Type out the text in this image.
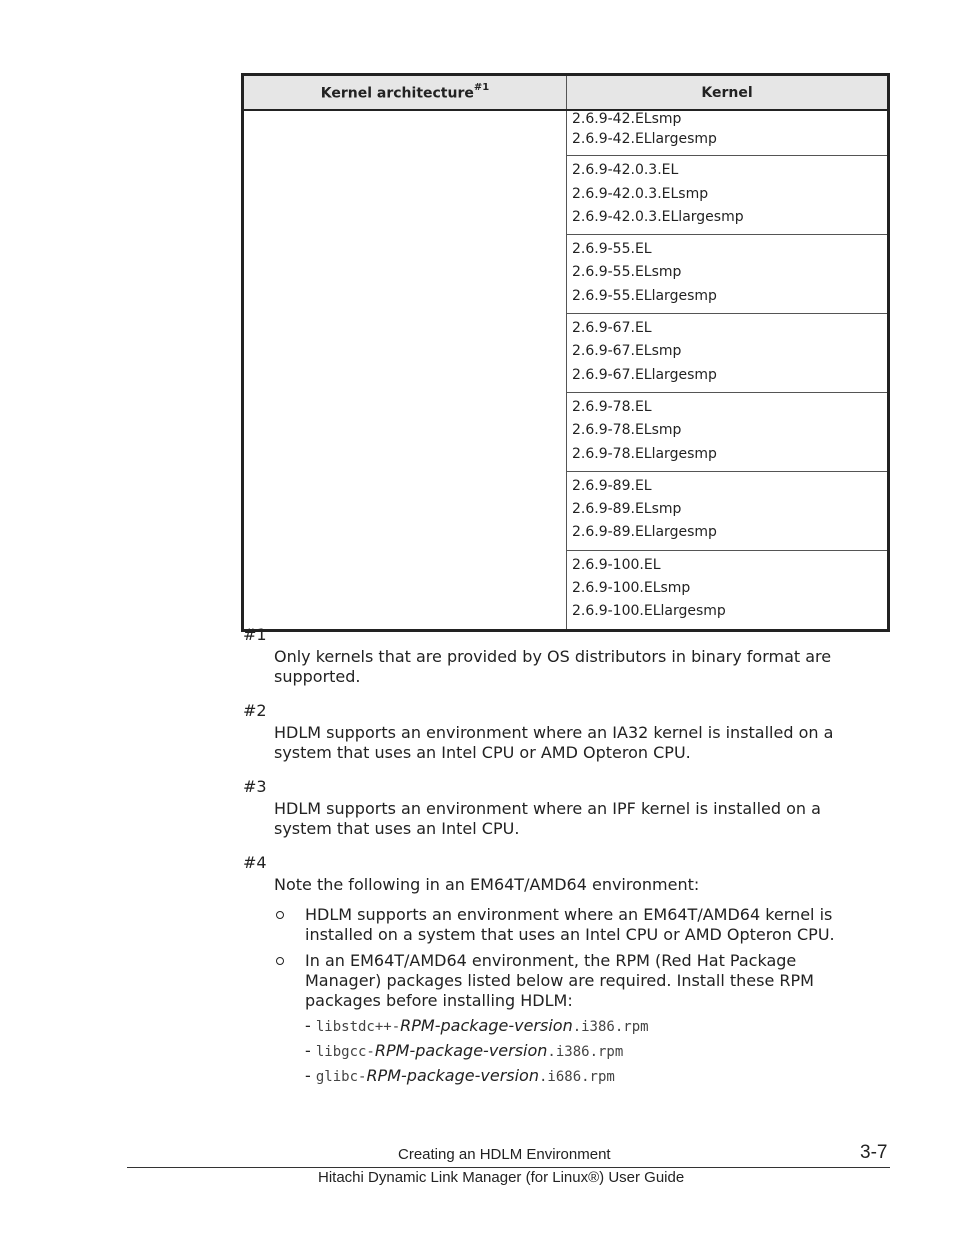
Kernel architecture$^{\#1}$	Kernel

	2.6.9-42.ELsmp
2.6.9-42.ELlargesmp

	2.6.9-42.0.3.EL
2.6.9-42.0.3.ELsmp
2.6.9-42.0.3.ELlargesmp

	2.6.9-55.EL
2.6.9-55.ELsmp
2.6.9-55.ELlargesmp

	2.6.9-67.EL
2.6.9-67.ELsmp
2.6.9-67.ELlargesmp

	2.6.9-78.EL
2.6.9-78.ELsmp
2.6.9-78.ELlargesmp

	2.6.9-89.EL
2.6.9-89.ELsmp
2.6.9-89.ELlargesmp

	2.6.9-100.EL
2.6.9-100.ELsmp
2.6.9-100.ELlargesmp
#1
Only kernels that are provided by OS distributors in binary format are supported.
#2
HDLM supports an environment where an IA32 kernel is installed on a system that uses an Intel CPU or AMD Opteron CPU.
#3
HDLM supports an environment where an IPF kernel is installed on a system that uses an Intel CPU.
#4
Note the following in an EM64T/AMD64 environment:
HDLM supports an environment where an EM64T/AMD64 kernel is installed on a system that uses an Intel CPU or AMD Opteron CPU.
In an EM64T/AMD64 environment, the RPM (Red Hat Package Manager) packages listed below are required. Install these RPM packages before installing HDLM:
- libstdc++-RPM-package-version.i386.rpm
- libgcc-RPM-package-version.i386.rpm
- glibc-RPM-package-version.i686.rpm
Creating an HDLM Environment	3-7
Hitachi Dynamic Link Manager (for Linux®) User Guide
